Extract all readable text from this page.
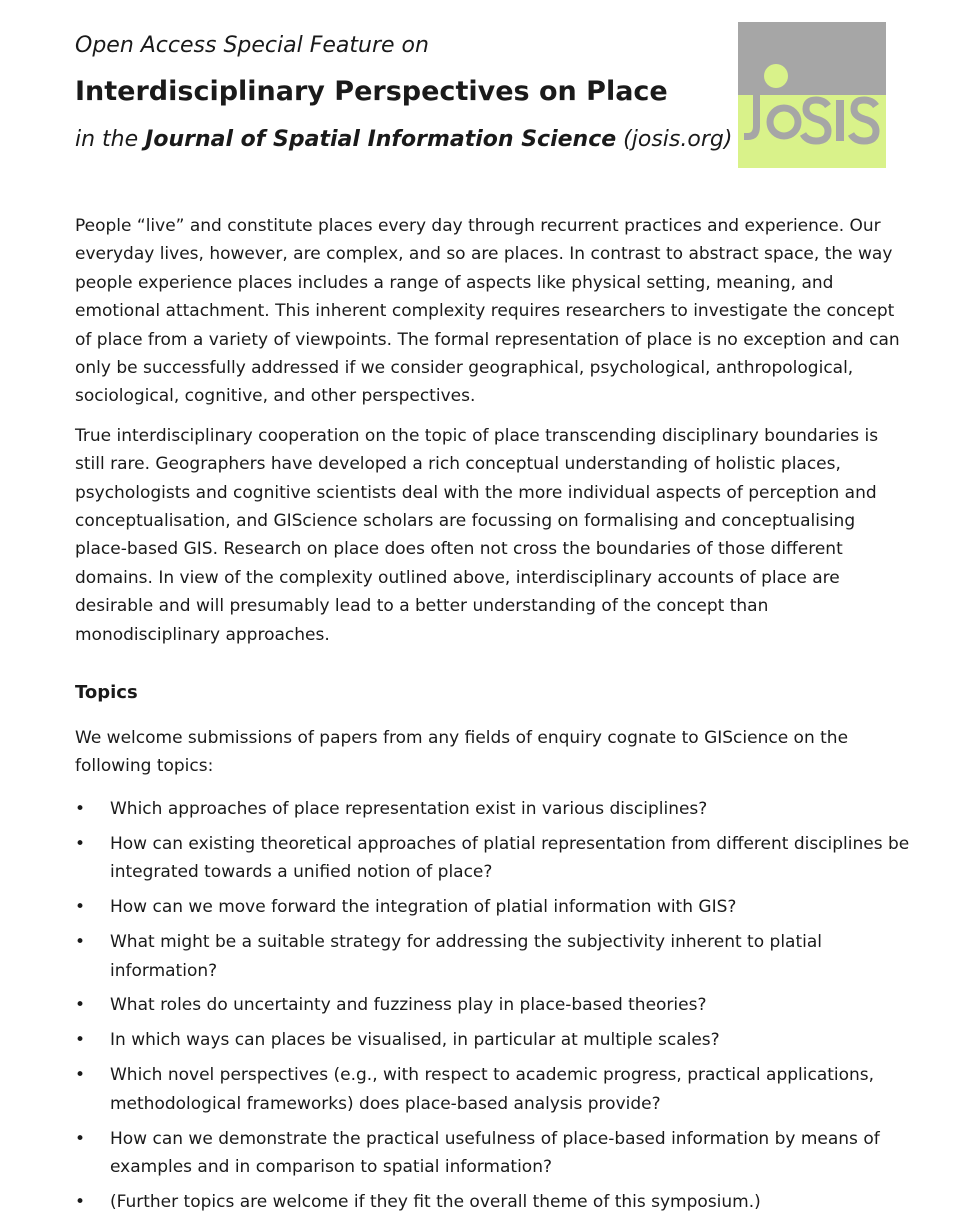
Open Access Special Feature on

Interdisciplinary Perspectives on Place

in the Journal of Spatial Information Science (josis.org)

People “live” and constitute places every day through recurrent practices and experience. Our everyday lives, however, are complex, and so are places. In contrast to abstract space, the way people experience places includes a range of aspects like physical setting, meaning, and emotional attachment. This inherent complexity requires researchers to investigate the concept of place from a variety of viewpoints. The formal representation of place is no exception and can only be successfully addressed if we consider geographical, psychological, anthropological, sociological, cognitive, and other perspectives.

True interdisciplinary cooperation on the topic of place transcending disciplinary boundaries is still rare. Geographers have developed a rich conceptual understanding of holistic places, psychologists and cognitive scientists deal with the more individual aspects of perception and conceptualisation, and GIScience scholars are focussing on formalising and conceptualising place-based GIS. Research on place does often not cross the boundaries of those different domains. In view of the complexity outlined above, interdisciplinary accounts of place are desirable and will presumably lead to a better understanding of the concept than monodisciplinary approaches.

Topics

We welcome submissions of papers from any fields of enquiry cognate to GIScience on the following topics:

• Which approaches of place representation exist in various disciplines?
• How can existing theoretical approaches of platial representation from different disciplines be integrated towards a unified notion of place?
• How can we move forward the integration of platial information with GIS?
• What might be a suitable strategy for addressing the subjectivity inherent to platial information?
• What roles do uncertainty and fuzziness play in place-based theories?
• In which ways can places be visualised, in particular at multiple scales?
• Which novel perspectives (e.g., with respect to academic progress, practical applications, methodological frameworks) does place-based analysis provide?
• How can we demonstrate the practical usefulness of place-based information by means of examples and in comparison to spatial information?
• (Further topics are welcome if they fit the overall theme of this symposium.)
